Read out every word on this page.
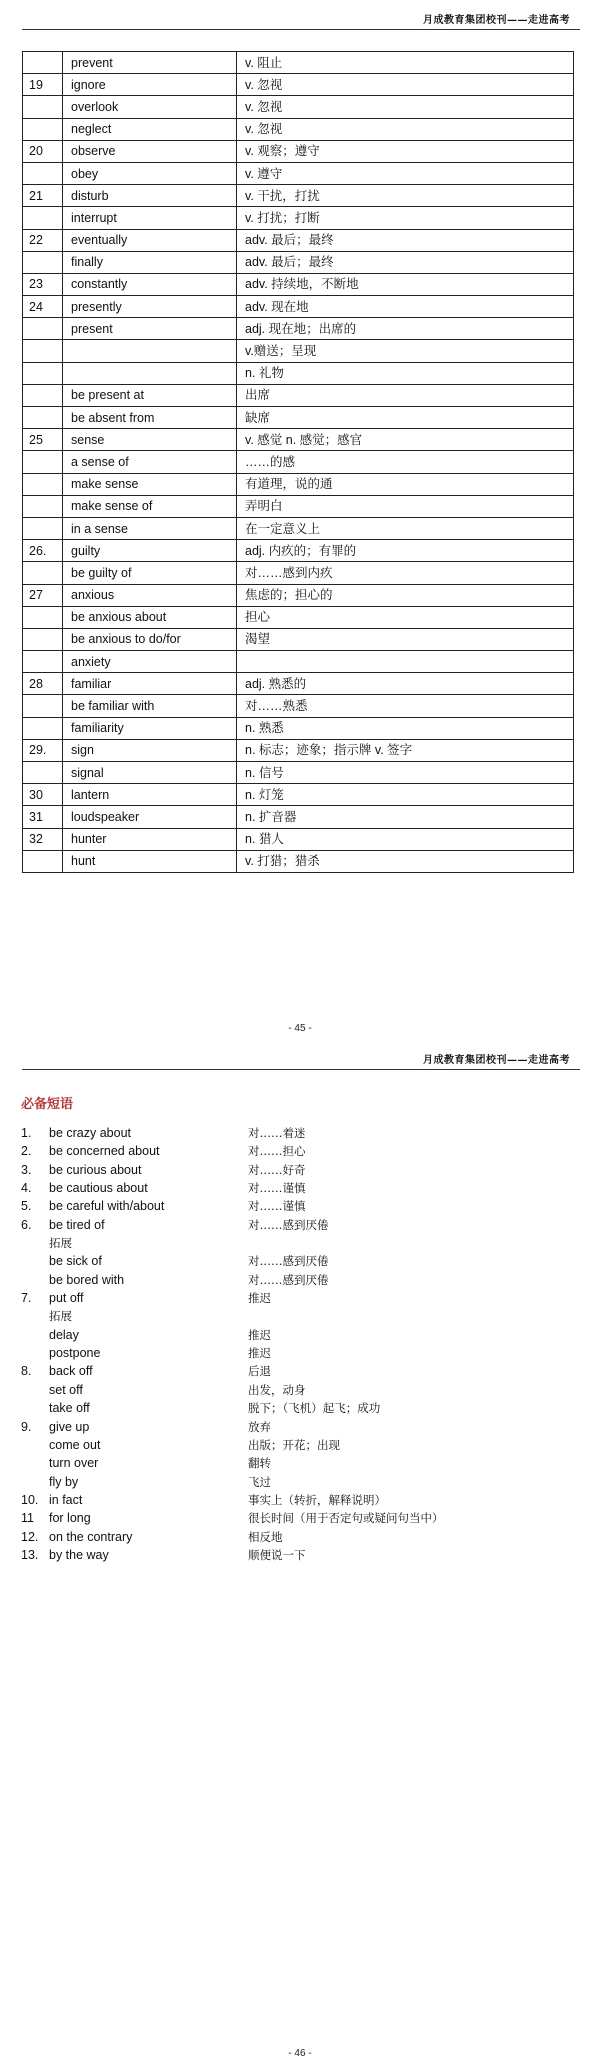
月成教育集团校刊——走进高考
	prevent	v. 阻止
19	ignore	v. 忽视
	overlook	v. 忽视
	neglect	v. 忽视
20	observe	v. 观察；遵守
	obey	v. 遵守
21	disturb	v. 干扰，打扰
	interrupt	v. 打扰；打断
22	eventually	adv. 最后；最终
	finally	adv. 最后；最终
23	constantly	adv. 持续地，不断地
24	presently	adv. 现在地
	present	adj. 现在地；出席的
		v.赠送；呈现
		n. 礼物
	be present at	出席
	be absent from	缺席
25	sense	v. 感觉 n. 感觉；感官
	a sense of	……的感
	make sense	有道理，说的通
	make sense of	弄明白
	in a sense	在一定意义上
26.	guilty	adj. 内疚的；有罪的
	be guilty of	对……感到内疚
27	anxious	焦虑的；担心的
	be anxious about	担心
	be anxious to do/for	渴望
	anxiety	
28	familiar	adj. 熟悉的
	be familiar with	对……熟悉
	familiarity	n. 熟悉
29.	sign	n. 标志；迹象；指示牌 v. 签字
	signal	n. 信号
30	lantern	n. 灯笼
31	loudspeaker	n. 扩音器
32	hunter	n. 猎人
	hunt	v. 打猎；猎杀
- 45 -
月成教育集团校刊——走进高考
必备短语
1. be crazy about	对……着迷
2. be concerned about	对……担心
3. be curious about	对……好奇
4. be cautious about	对……谨慎
5. be careful with/about	对……谨慎
6. be tired of	对……感到厌倦
拓展
be sick of	对……感到厌倦
be bored with	对……感到厌倦
7. put off	推迟
拓展
delay	推迟
postpone	推迟
8. back off	后退
set off	出发，动身
take off	脱下；（飞机）起飞；成功
9. give up	放弃
come out	出版；开花；出现
turn over	翻转
fly by	飞过
10. in fact	事实上（转折，解释说明）
11 for long	很长时间（用于否定句或疑问句当中）
12. on the contrary	相反地
13. by the way	顺便说一下
- 46 -
